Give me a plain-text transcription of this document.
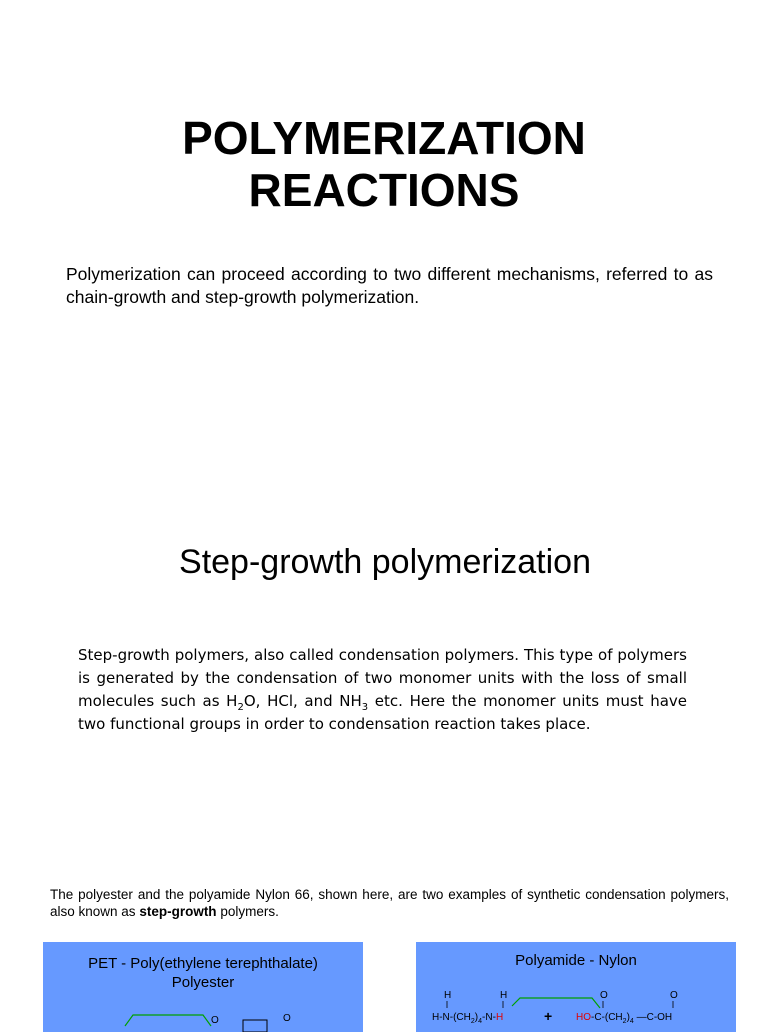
POLYMERIZATION
REACTIONS

Polymerization can proceed according to two different mechanisms, referred to as chain-growth and step-growth polymerization.

Step-growth polymerization

Step-growth polymers, also called condensation polymers. This type of polymers is generated by the condensation of two monomer units with the loss of small molecules such as $H_2O$, HCl, and $NH_3$ etc. Here the monomer units must have two functional groups in order to condensation reaction takes place.

The polyester and the polyamide Nylon 66, shown here, are two examples of synthetic condensation polymers, also known as step-growth polymers.

PET - Poly(ethylene terephthalate)
Polyester
O	O
Polyamide - Nylon
H	H
$H-N-(CH_2)_4-N-H$	+
O	O
$HO-C-(CH_2)_4$ —C-OH
